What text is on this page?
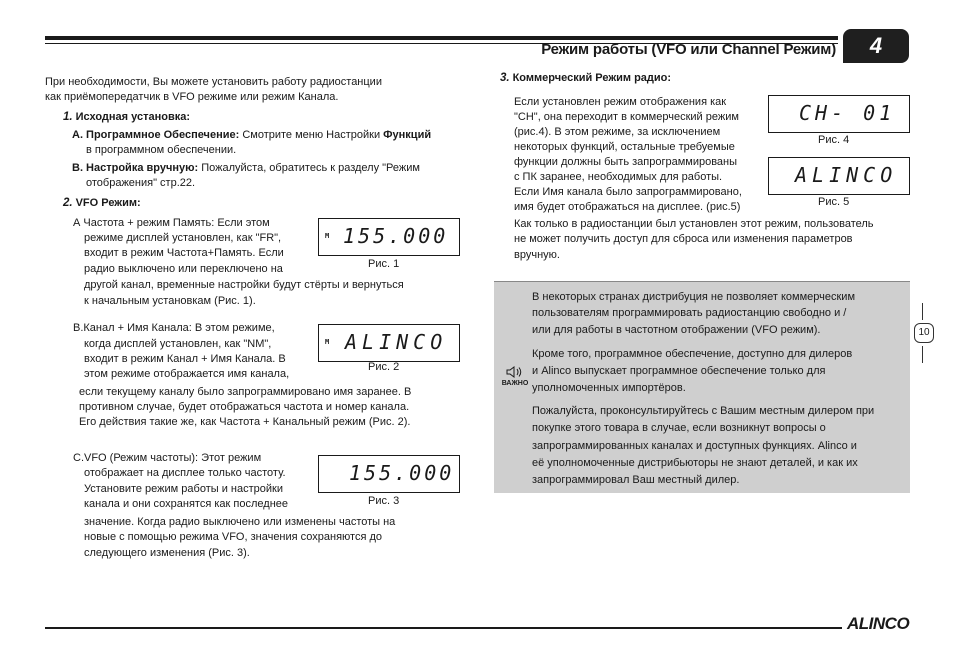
Режим работы (VFO или Channel Режим)	4
При необходимости, Вы можете установить работу радиостанции
как приёмопередатчик в VFO режиме или режим Канала.
1. Исходная установка:
A. Программное Обеспечение: Смотрите меню Настройки Функций
в программном обеспечении.
B. Настройка вручную: Пожалуйста, обратитесь к разделу "Режим
отображения" стр.22.
2. VFO Режим:
А Частота + режим Память: Если этом
режиме дисплей установлен, как "FR",
входит в режим Частота+Память. Если
радио выключено или переключено на
другой канал, временные настройки будут стёрты и вернуться
к начальным установкам (Рис. 1).
M 155.000
Рис. 1
В.Канал + Имя Канала: В этом режиме,
когда дисплей установлен, как "NM",
входит в режим Канал + Имя Канала. В
этом режиме отображается имя канала,
если текущему каналу было запрограммировано имя заранее. В
противном случае, будет отображаться частота и номер канала.
Его действия такие же, как Частота + Канальный режим (Рис. 2).
M ALINCO
Рис. 2
C.VFO (Режим частоты): Этот режим
отображает на дисплее только частоту.
Установите режим работы и настройки
канала и они сохранятся как последнее
значение. Когда радио выключено или изменены частоты на
новые с помощью режима VFO, значения сохраняются до
следующего изменения (Рис. 3).
155.000
Рис. 3
3. Коммерческий Режим радио:
Если установлен режим отображения как
"CH", она переходит в коммерческий режим
(рис.4). В этом режиме, за исключением
некоторых функций, остальные требуемые
функции должны быть запрограммированы
с ПК заранее, необходимых для работы.
Если Имя канала было запрограммировано,
имя будет отображаться на дисплее. (рис.5)
Как только в радиостанции был установлен этот режим, пользователь
не может получить доступ для сброса или изменения параметров
вручную.
CH- 01
Рис. 4
ALINCO
Рис. 5
ВАЖНО
В некоторых странах дистрибуция не позволяет коммерческим
пользователям программировать радиостанцию свободно и /
или для работы в частотном отображении (VFO режим).
Кроме того, программное обеспечение, доступно для дилеров
и Alinco выпускает программное обеспечение только для
уполномоченных импортёров.
Пожалуйста, проконсультируйтесь с Вашим местным дилером при
покупке этого товара в случае, если возникнут вопросы о
запрограммированных каналах и доступных функциях. Alinco и
её уполномоченные дистрибьюторы не знают деталей, и как их
запрограммировал Ваш местный дилер.
10
ALINCO
